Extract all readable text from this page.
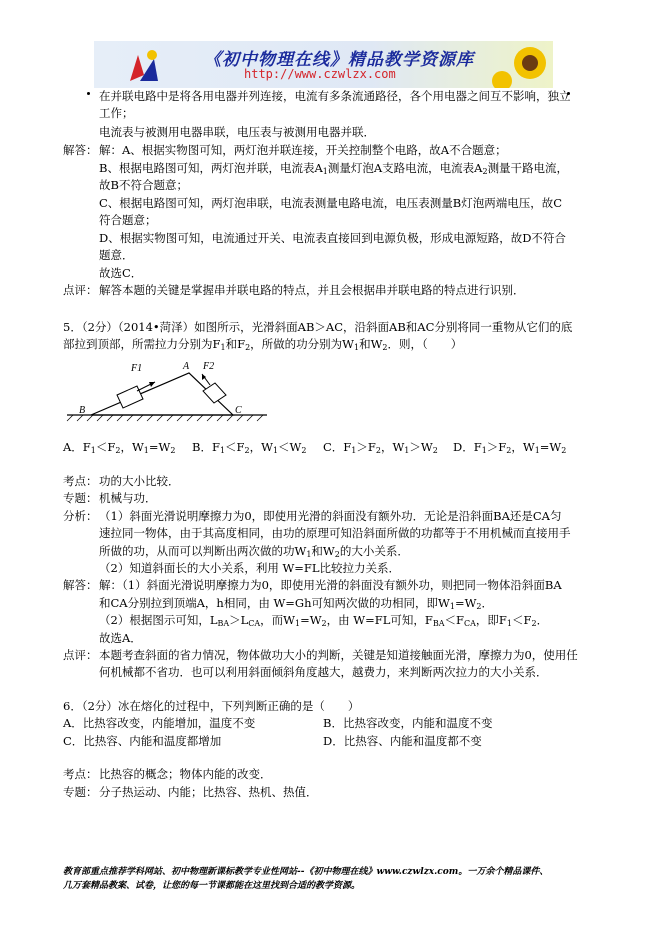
《初中物理在线》精品教学资源库
http://www.czwlzx.com
在并联电路中是将各用电器并列连接，电流有多条流通路径，各个用电器之间互不影响，独立
工作；
电流表与被测用电器串联，电压表与被测用电器并联．
解答： 解：A、根据实物图可知，两灯泡并联连接，开关控制整个电路，故A不合题意；
B、根据电路图可知，两灯泡并联，电流表$A_1$测量灯泡A支路电流，电流表$A_2$测量干路电流，
故B不符合题意；
C、根据电路图可知，两灯泡串联，电流表测量电路电流，电压表测量B灯泡两端电压，故C
符合题意；
D、根据实物图可知，电流通过开关、电流表直接回到电源负极，形成电源短路，故D不符合
题意．
故选C．
点评： 解答本题的关键是掌握串并联电路的特点，并且会根据串并联电路的特点进行识别．
5．（2分）（2014•菏泽）如图所示，光滑斜面AB＞AC，沿斜面AB和AC分别将同一重物从它们的底
部拉到顶部，所需拉力分别为$F_1$和$F_2$，所做的功分别为$W_1$和$W_2$．则，（　　）
F1	F2
A
B	C
A．$F_1<F_2$，$W_1=W_2$ B．$F_1<F_2$，$W_1<W_2$ C．$F_1>F_2$，$W_1>W_2$ D．$F_1>F_2$，$W_1=W_2$
考点： 功的大小比较．
专题： 机械与功．
分析： （1）斜面光滑说明摩擦力为0，即使用光滑的斜面没有额外功．无论是沿斜面BA还是CA匀
速拉同一物体，由于其高度相同，由功的原理可知沿斜面所做的功都等于不用机械而直接用手
所做的功，从而可以判断出两次做的功$W_1$和$W_2$的大小关系．
（2）知道斜面长的大小关系，利用 W=FL比较拉力关系．
解答： 解：（1）斜面光滑说明摩擦力为0，即使用光滑的斜面没有额外功，则把同一物体沿斜面BA
和CA分别拉到顶端A，h相同，由 W=Gh可知两次做的功相同，即$W_1=W_2$．
（2）根据图示可知，$L_{BA}>L_{CA}$，而$W_1=W_2$，由 W=FL可知，$F_{BA}<F_{CA}$，即$F_1<F_2$．
故选A．
点评： 本题考查斜面的省力情况，物体做功大小的判断，关键是知道接触面光滑，摩擦力为0，使用任
何机械都不省功．也可以利用斜面倾斜角度越大，越费力，来判断两次拉力的大小关系．
6．（2分）冰在熔化的过程中，下列判断正确的是（　　）
A．比热容改变，内能增加，温度不变	B．比热容改变，内能和温度不变
C．比热容、内能和温度都增加	D．比热容、内能和温度都不变
考点： 比热容的概念；物体内能的改变．
专题： 分子热运动、内能；比热容、热机、热值．
教育部重点推荐学科网站、初中物理新课标教学专业性网站--《初中物理在线》www.czwlzx.com。一万余个精品课件、
几万套精品教案、试卷，让您的每一节课都能在这里找到合适的教学资源。
